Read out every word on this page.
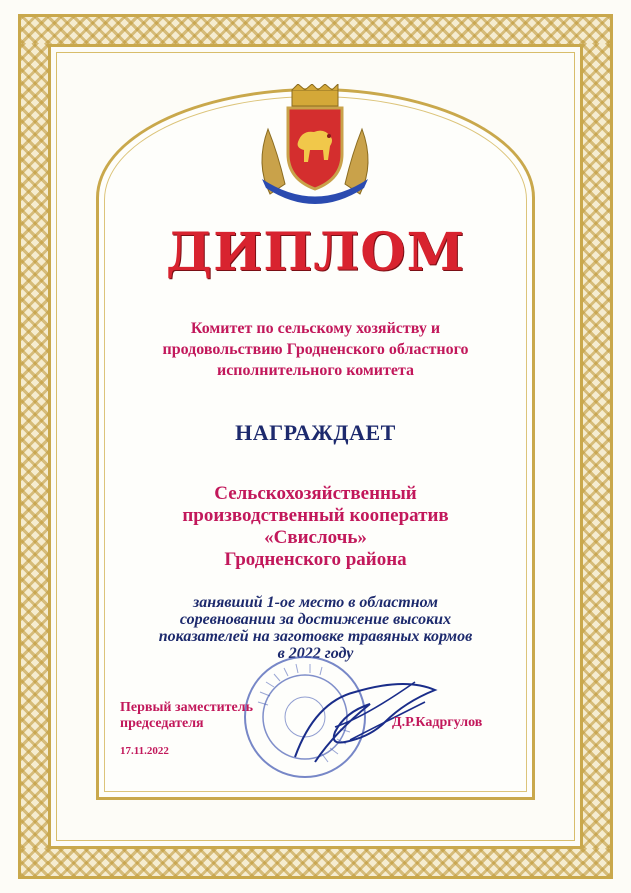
ДИПЛОМ
Комитет по сельскому хозяйству и
продовольствию Гродненского областного
исполнительного комитета
НАГРАЖДАЕТ
Сельскохозяйственный
производственный кооператив
«Свислочь»
Гродненского района
занявший 1-ое место в областном
соревновании за достижение высоких
показателей на заготовке травяных кормов
в 2022 году
Первый заместитель
председателя	Д.Р.Кадргулов
17.11.2022
